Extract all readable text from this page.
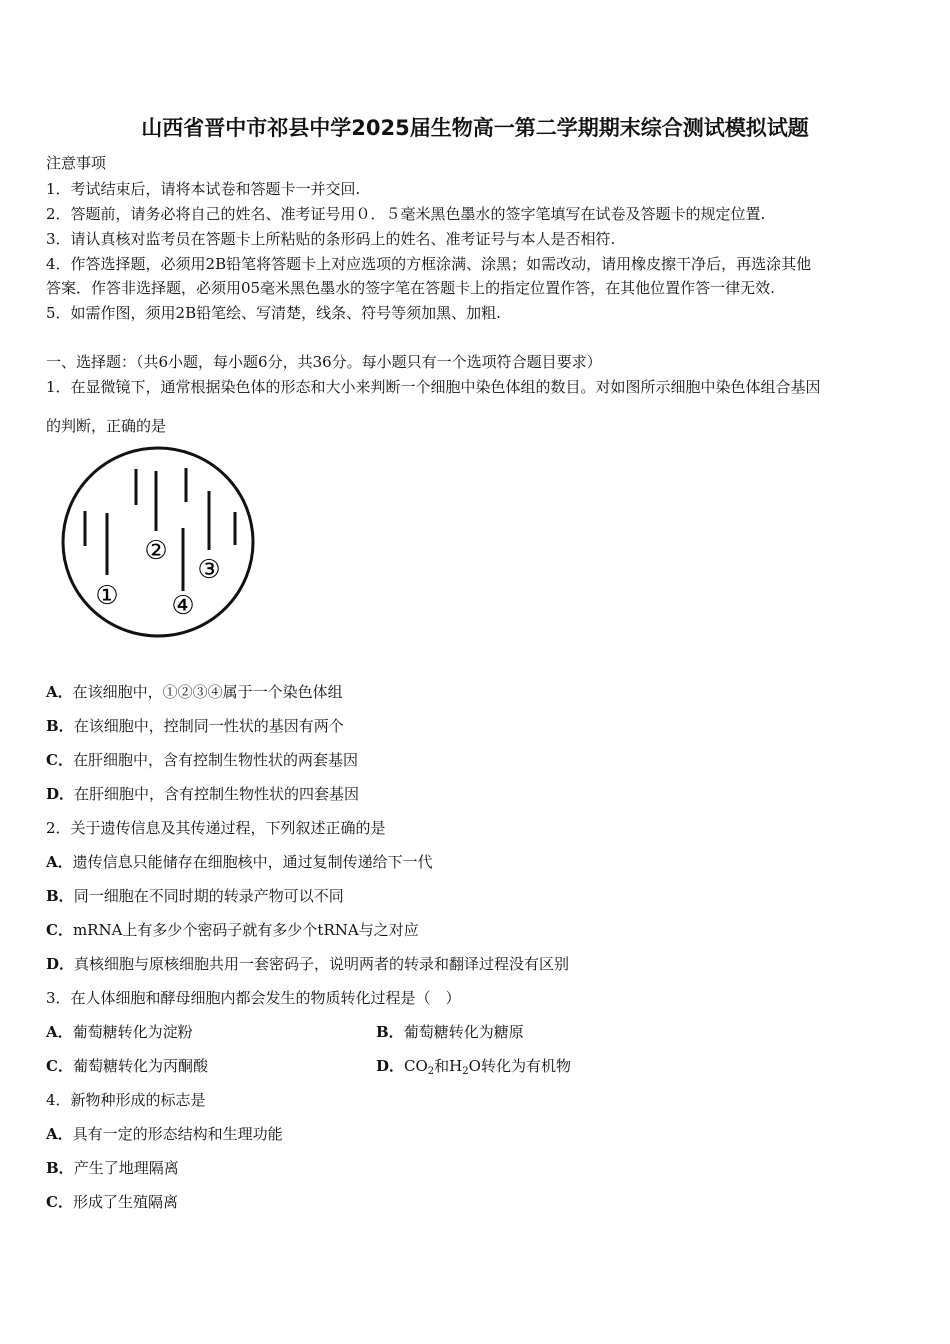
山西省晋中市祁县中学2025届生物高一第二学期期末综合测试模拟试题
注意事项
1．考试结束后，请将本试卷和答题卡一并交回.
2．答题前，请务必将自己的姓名、准考证号用０．５毫米黑色墨水的签字笔填写在试卷及答题卡的规定位置.
3．请认真核对监考员在答题卡上所粘贴的条形码上的姓名、准考证号与本人是否相符.
4．作答选择题，必须用2B铅笔将答题卡上对应选项的方框涂满、涂黑；如需改动，请用橡皮擦干净后，再选涂其他
答案．作答非选择题，必须用05毫米黑色墨水的签字笔在答题卡上的指定位置作答，在其他位置作答一律无效.
5．如需作图，须用2B铅笔绘、写清楚，线条、符号等须加黑、加粗.
一、选择题：（共6小题，每小题6分，共36分。每小题只有一个选项符合题目要求）
1．在显微镜下，通常根据染色体的形态和大小来判断一个细胞中染色体组的数目。对如图所示细胞中染色体组合基因
的判断，正确的是
①
②
③
④
A．在该细胞中，①②③④属于一个染色体组
B．在该细胞中，控制同一性状的基因有两个
C．在肝细胞中，含有控制生物性状的两套基因
D．在肝细胞中，含有控制生物性状的四套基因
2．关于遗传信息及其传递过程，下列叙述正确的是
A．遗传信息只能储存在细胞核中，通过复制传递给下一代
B．同一细胞在不同时期的转录产物可以不同
C．mRNA上有多少个密码子就有多少个tRNA与之对应
D．真核细胞与原核细胞共用一套密码子，说明两者的转录和翻译过程没有区别
3．在人体细胞和酵母细胞内都会发生的物质转化过程是（　）
A．葡萄糖转化为淀粉	B．葡萄糖转化为糖原
C．葡萄糖转化为丙酮酸	D．$CO_2$和$H_2O$转化为有机物
4．新物种形成的标志是
A．具有一定的形态结构和生理功能
B．产生了地理隔离
C．形成了生殖隔离
